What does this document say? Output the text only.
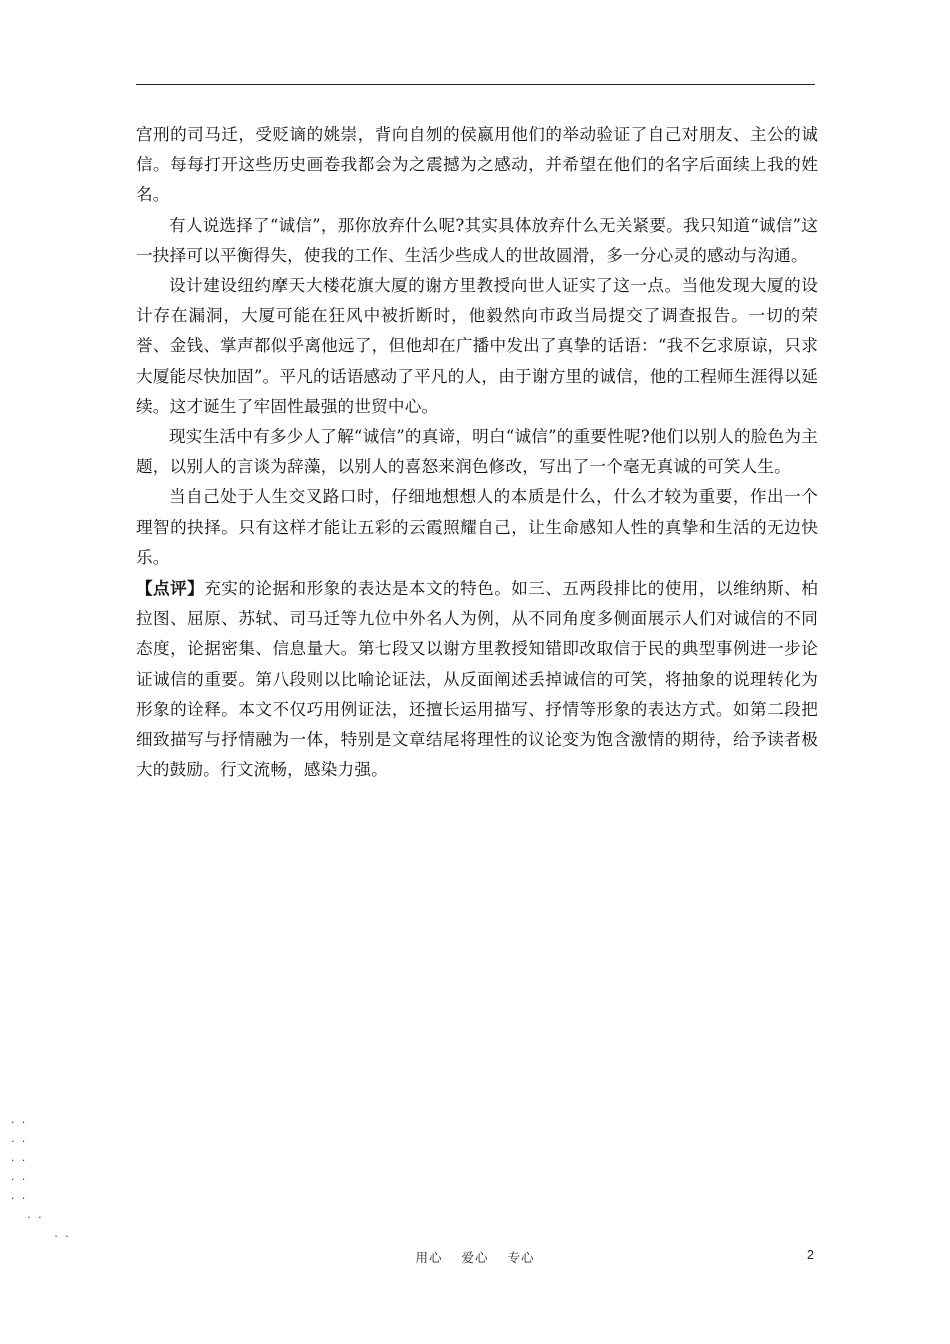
宫刑的司马迁，受贬谪的姚崇，背向自刎的侯嬴用他们的举动验证了自己对朋友、主公的诚信。每每打开这些历史画卷我都会为之震撼为之感动，并希望在他们的名字后面续上我的姓名。

有人说选择了“诚信”，那你放弃什么呢?其实具体放弃什么无关紧要。我只知道“诚信”这一抉择可以平衡得失，使我的工作、生活少些成人的世故圆滑，多一分心灵的感动与沟通。

设计建设纽约摩天大楼花旗大厦的谢方里教授向世人证实了这一点。当他发现大厦的设计存在漏洞，大厦可能在狂风中被折断时，他毅然向市政当局提交了调查报告。一切的荣誉、金钱、掌声都似乎离他远了，但他却在广播中发出了真挚的话语：“我不乞求原谅，只求大厦能尽快加固”。平凡的话语感动了平凡的人，由于谢方里的诚信，他的工程师生涯得以延续。这才诞生了牢固性最强的世贸中心。

现实生活中有多少人了解“诚信”的真谛，明白“诚信”的重要性呢?他们以别人的脸色为主题，以别人的言谈为辞藻，以别人的喜怒来润色修改，写出了一个毫无真诚的可笑人生。

当自己处于人生交叉路口时，仔细地想想人的本质是什么，什么才较为重要，作出一个理智的抉择。只有这样才能让五彩的云霞照耀自己，让生命感知人性的真挚和生活的无边快乐。

【点评】充实的论据和形象的表达是本文的特色。如三、五两段排比的使用，以维纳斯、柏拉图、屈原、苏轼、司马迁等九位中外名人为例，从不同角度多侧面展示人们对诚信的不同态度，论据密集、信息量大。第七段又以谢方里教授知错即改取信于民的典型事例进一步论证诚信的重要。第八段则以比喻论证法，从反面阐述丢掉诚信的可笑，将抽象的说理转化为形象的诠释。本文不仅巧用例证法，还擅长运用描写、抒情等形象的表达方式。如第二段把细致描写与抒情融为一体，特别是文章结尾将理性的议论变为饱含激情的期待，给予读者极大的鼓励。行文流畅，感染力强。

. .
. .
. .
. .
. .
. .
. .
用心 爱心 专心	2
